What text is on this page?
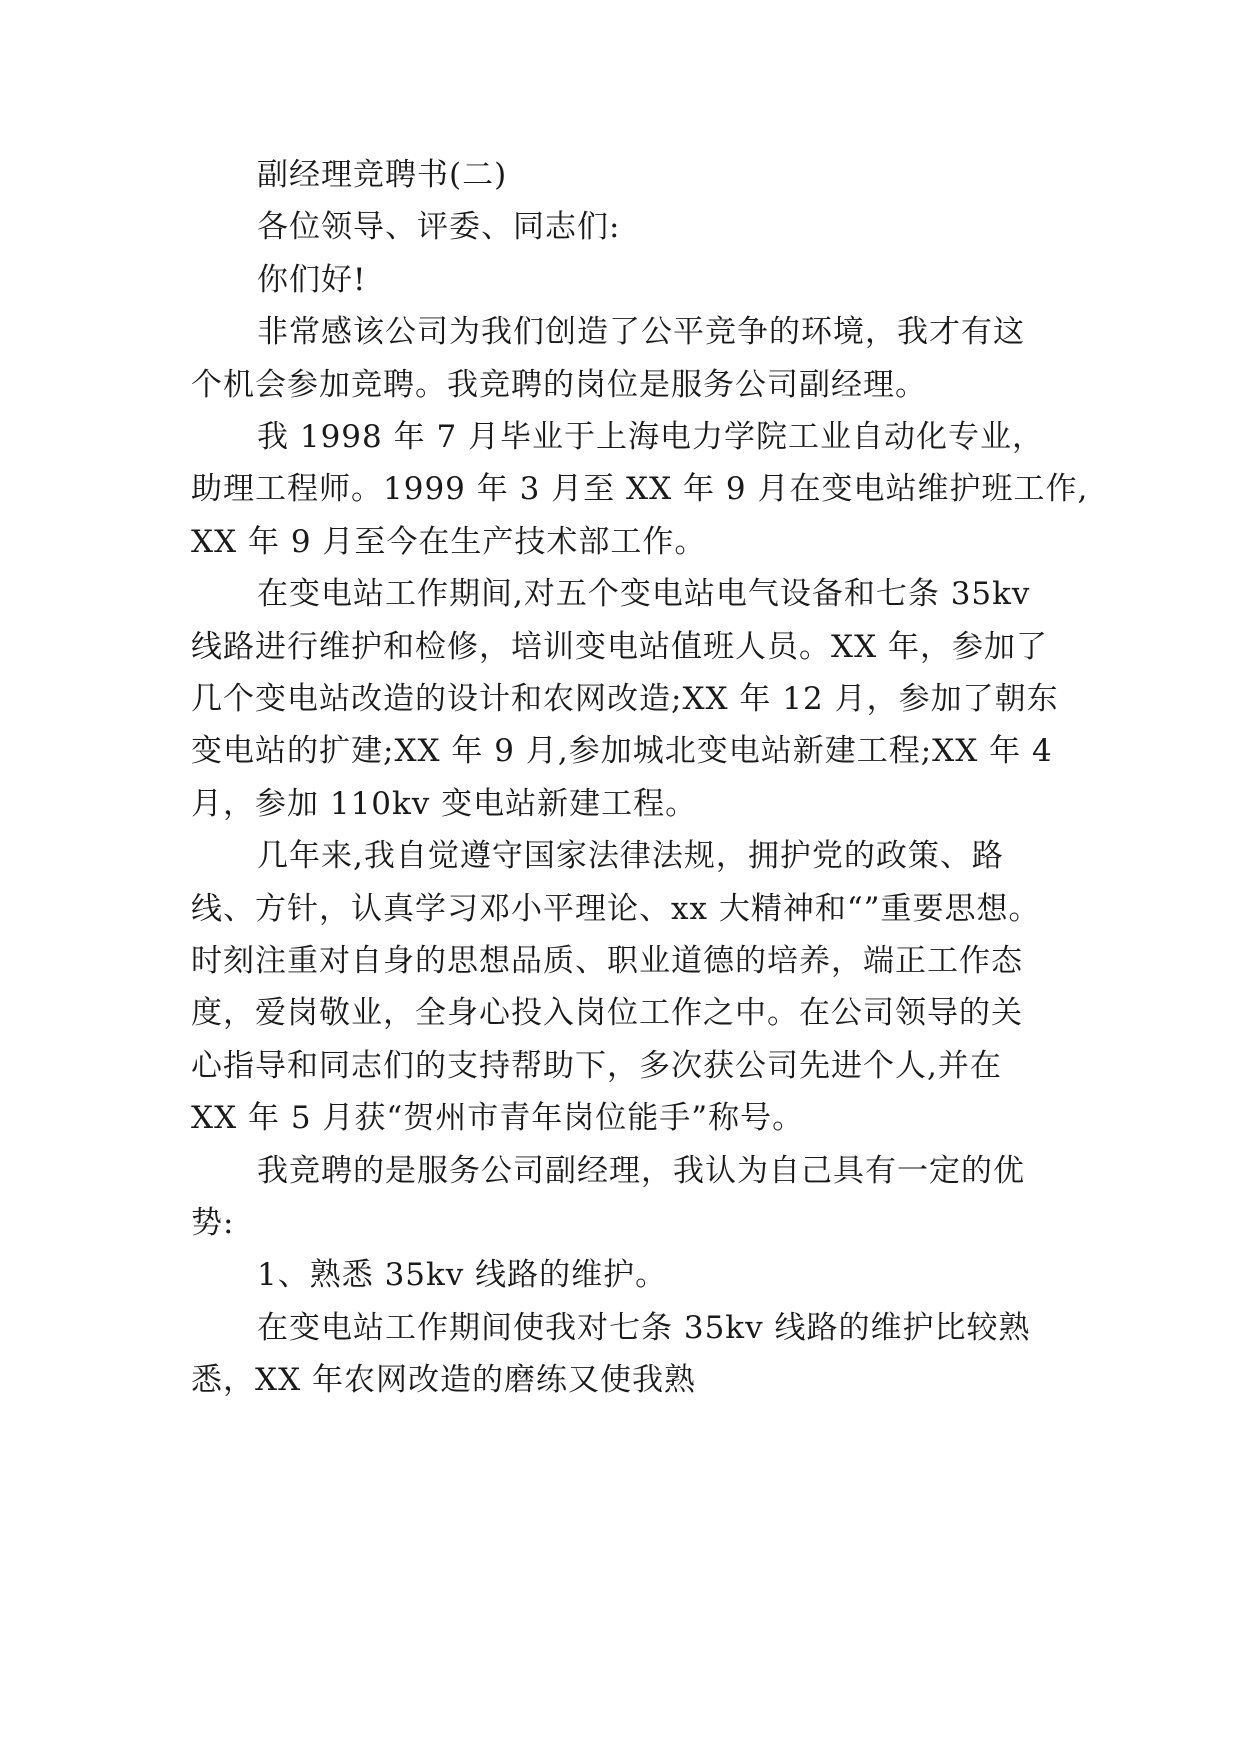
副经理竞聘书(二)
各位领导、评委、同志们:
你们好!
非常感该公司为我们创造了公平竞争的环境，我才有这
个机会参加竞聘。我竞聘的岗位是服务公司副经理。
我 1998 年 7 月毕业于上海电力学院工业自动化专业，
助理工程师。1999 年 3 月至 XX 年 9 月在变电站维护班工作,
XX 年 9 月至今在生产技术部工作。
在变电站工作期间,对五个变电站电气设备和七条 35kv
线路进行维护和检修，培训变电站值班人员。XX 年，参加了
几个变电站改造的设计和农网改造;XX 年 12 月，参加了朝东
变电站的扩建;XX 年 9 月,参加城北变电站新建工程;XX 年 4
月，参加 110kv 变电站新建工程。
几年来,我自觉遵守国家法律法规，拥护党的政策、路
线、方针，认真学习邓小平理论、xx 大精神和“”重要思想。
时刻注重对自身的思想品质、职业道德的培养，端正工作态
度，爱岗敬业，全身心投入岗位工作之中。在公司领导的关
心指导和同志们的支持帮助下，多次获公司先进个人,并在
XX 年 5 月获“贺州市青年岗位能手”称号。
我竞聘的是服务公司副经理，我认为自己具有一定的优
势:
1、熟悉 35kv 线路的维护。
在变电站工作期间使我对七条 35kv 线路的维护比较熟
悉，XX 年农网改造的磨练又使我熟
